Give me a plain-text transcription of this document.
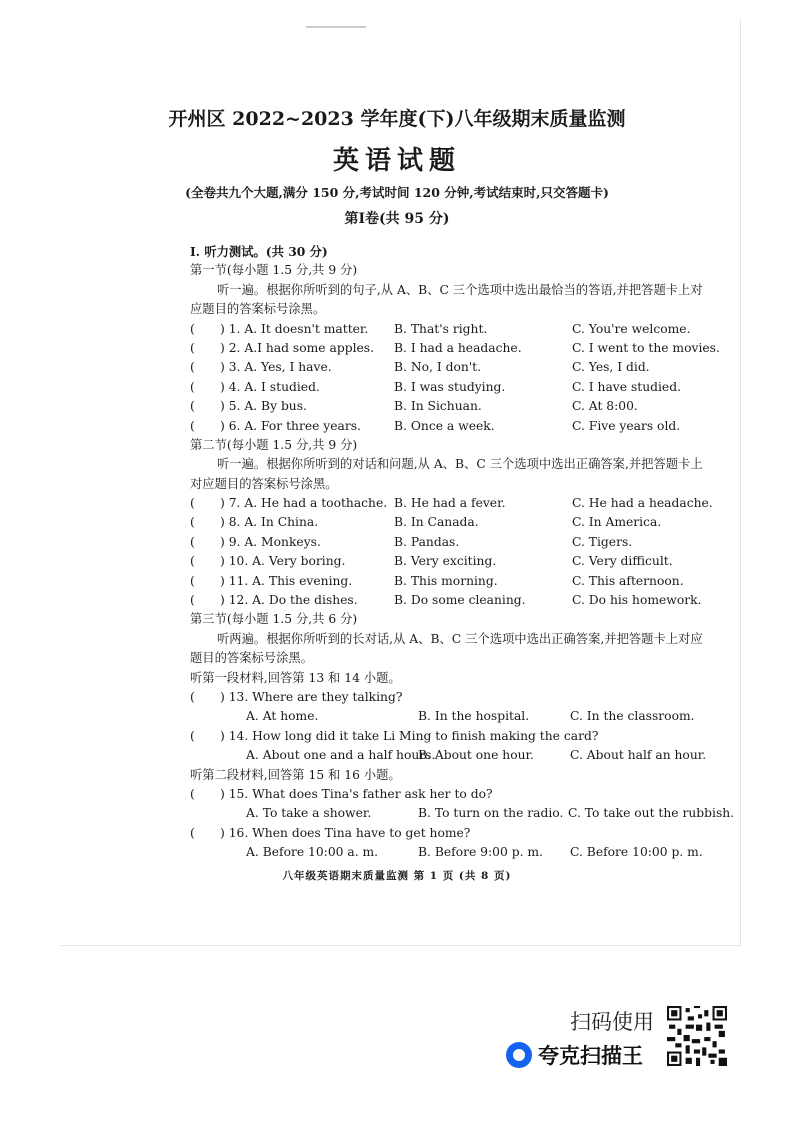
开州区 2022~2023 学年度(下)八年级期末质量监测
英语试题
(全卷共九个大题,满分 150 分,考试时间 120 分钟,考试结束时,只交答题卡)
第Ⅰ卷(共 95 分)
Ⅰ. 听力测试。(共 30 分)
第一节(每小题 1.5 分,共 9 分)
听一遍。根据你所听到的句子,从 A、B、C 三个选项中选出最恰当的答语,并把答题卡上对
应题目的答案标号涂黑。
( ) 1. A. It doesn't matter. B. That's right.	C. You're welcome.
( ) 2. A.I had some apples. B. I had a headache.	C. I went to the movies.
( ) 3. A. Yes, I have.	B. No, I don't.	C. Yes, I did.
( ) 4. A. I studied.	B. I was studying.	C. I have studied.
( ) 5. A. By bus.	B. In Sichuan.	C. At 8:00.
( ) 6. A. For three years.	B. Once a week.	C. Five years old.
第二节(每小题 1.5 分,共 9 分)
听一遍。根据你所听到的对话和问题,从 A、B、C 三个选项中选出正确答案,并把答题卡上
对应题目的答案标号涂黑。
( ) 7. A. He had a toothache. B. He had a fever.	C. He had a headache.
( ) 8. A. In China.	B. In Canada.	C. In America.
( ) 9. A. Monkeys.	B. Pandas.	C. Tigers.
( ) 10. A. Very boring.	B. Very exciting.	C. Very difficult.
( ) 11. A. This evening.	B. This morning.	C. This afternoon.
( ) 12. A. Do the dishes.	B. Do some cleaning.	C. Do his homework.
第三节(每小题 1.5 分,共 6 分)
听两遍。根据你所听到的长对话,从 A、B、C 三个选项中选出正确答案,并把答题卡上对应
题目的答案标号涂黑。
听第一段材料,回答第 13 和 14 小题。
( ) 13. Where are they talking?
A. At home.	B. In the hospital.	C. In the classroom.
( ) 14. How long did it take Li Ming to finish making the card?
A. About one and a half hours.
B. About one hour.	C. About half an hour.
听第二段材料,回答第 15 和 16 小题。
( ) 15. What does Tina's father ask her to do?
A. To take a shower.	B. To turn on the radio. C. To take out the rubbish.
( ) 16. When does Tina have to get home?
A. Before 10:00 a. m.	B. Before 9:00 p. m. C. Before 10:00 p. m.
八年级英语期末质量监测 第 1 页 (共 8 页)
扫码使用
夸克扫描王
